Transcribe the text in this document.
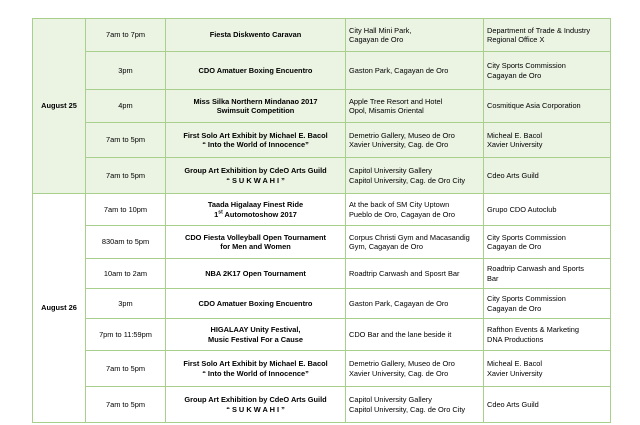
August 25	7am to 7pm	Fiesta Diskwento Caravan	City Hall Mini Park,
Cagayan de Oro	Department of Trade & Industry
Regional Office X

	3pm	CDO Amatuer Boxing Encuentro	Gaston Park, Cagayan de Oro	City Sports Commission
Cagayan de Oro

	4pm	Miss Silka Northern Mindanao 2017
Swimsuit Competition	Apple Tree Resort and Hotel
Opol, Misamis Oriental	Cosmitique Asia Corporation

	7am to 5pm	First Solo Art Exhibit by Michael E. Bacol
“ Into the World of Innocence”	Demetrio Gallery, Museo de Oro
Xavier University, Cag. de Oro	Micheal E. Bacol
Xavier University

	7am to 5pm	Group Art Exhibition by CdeO Arts Guild
“ S U K W A H I ”	Capitol University Gallery
Capitol University, Cag. de Oro City	Cdeo Arts Guild

August 26	7am to 10pm	Taada Higalaay Finest Ride
1st Automotoshow 2017	At the back of SM City Uptown
Pueblo de Oro, Cagayan de Oro	Grupo CDO Autoclub

	830am to 5pm	CDO Fiesta Volleyball Open Tournament
for Men and Women	Corpus Christi Gym and Macasandig
Gym, Cagayan de Oro	City Sports Commission
Cagayan de Oro

	10am to 2am	NBA 2K17 Open Tournament	Roadtrip Carwash and Sposrt Bar	Roadtrip Carwash and Sports
Bar

	3pm	CDO Amatuer Boxing Encuentro	Gaston Park, Cagayan de Oro	City Sports Commission
Cagayan de Oro

	7pm to 11:59pm	HIGALAAY Unity Festival,
Music Festival For a Cause	CDO Bar and the lane beside it	Rafthon Events & Marketing
DNA Productions

	7am to 5pm	First Solo Art Exhibit by Michael E. Bacol
“ Into the World of Innocence”	Demetrio Gallery, Museo de Oro
Xavier University, Cag. de Oro	Micheal E. Bacol
Xavier University

	7am to 5pm	Group Art Exhibition by CdeO Arts Guild
“ S U K W A H I ”	Capitol University Gallery
Capitol University, Cag. de Oro City	Cdeo Arts Guild
